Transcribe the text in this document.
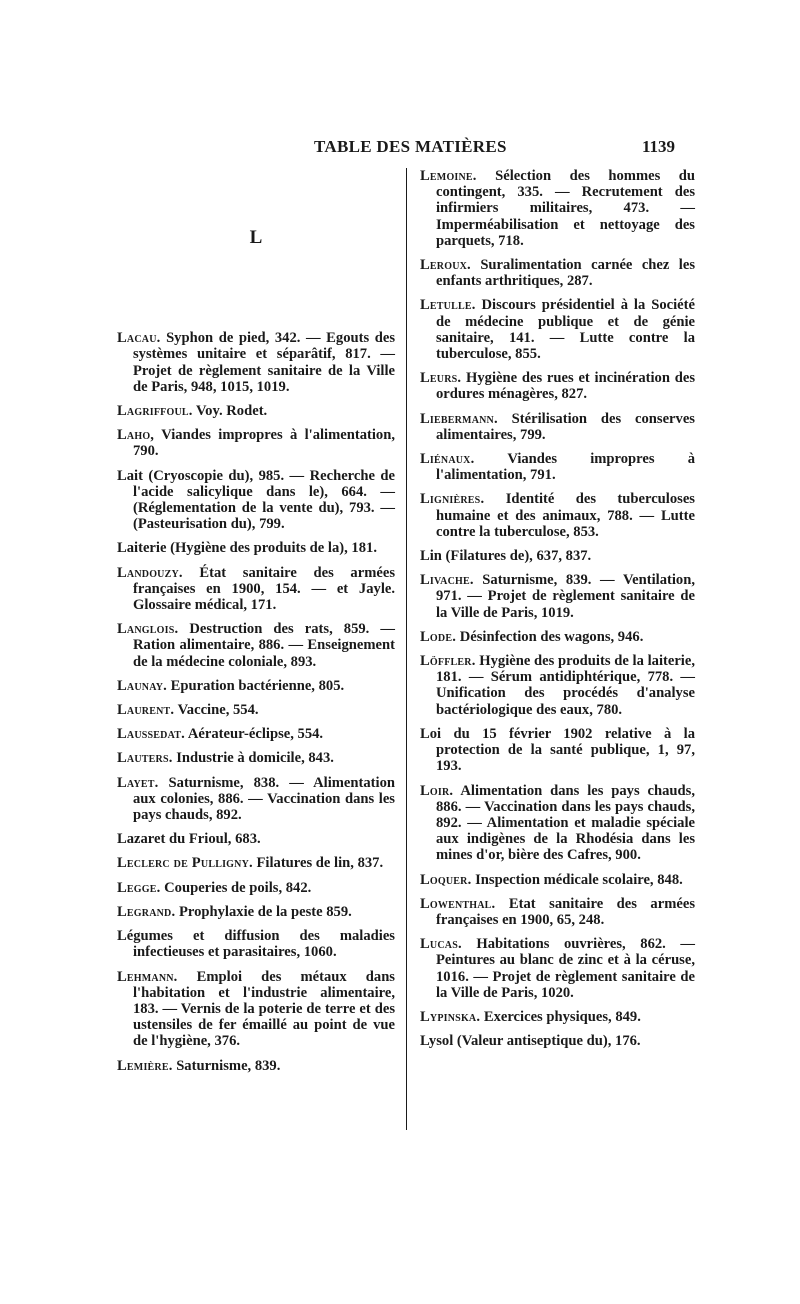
TABLE DES MATIÈRES	1139
L

Lacau. Syphon de pied, 342. — Egouts des systèmes unitaire et séparâtif, 817. — Projet de règlement sanitaire de la Ville de Paris, 948, 1015, 1019.

Lagriffoul. Voy. Rodet.

Laho, Viandes impropres à l'alimentation, 790.

Lait (Cryoscopie du), 985. — Recherche de l'acide salicylique dans le), 664. — (Réglementation de la vente du), 793. — (Pasteurisation du), 799.

Laiterie (Hygiène des produits de la), 181.

Landouzy. État sanitaire des armées françaises en 1900, 154. — et Jayle. Glossaire médical, 171.

Langlois. Destruction des rats, 859. — Ration alimentaire, 886. — Enseignement de la médecine coloniale, 893.

Launay. Epuration bactérienne, 805.

Laurent. Vaccine, 554.

Laussedat. Aérateur-éclipse, 554.

Lauters. Industrie à domicile, 843.

Layet. Saturnisme, 838. — Alimentation aux colonies, 886. — Vaccination dans les pays chauds, 892.

Lazaret du Frioul, 683.

Leclerc de Pulligny. Filatures de lin, 837.

Legge. Couperies de poils, 842.

Legrand. Prophylaxie de la peste 859.

Légumes et diffusion des maladies infectieuses et parasitaires, 1060.

Lehmann. Emploi des métaux dans l'habitation et l'industrie alimentaire, 183. — Vernis de la poterie de terre et des ustensiles de fer émaillé au point de vue de l'hygiène, 376.

Lemière. Saturnisme, 839.

Lemoine. Sélection des hommes du contingent, 335. — Recrutement des infirmiers militaires, 473. — Imperméabilisation et nettoyage des parquets, 718.

Leroux. Suralimentation carnée chez les enfants arthritiques, 287.

Letulle. Discours présidentiel à la Société de médecine publique et de génie sanitaire, 141. — Lutte contre la tuberculose, 855.

Leurs. Hygiène des rues et incinération des ordures ménagères, 827.

Liebermann. Stérilisation des conserves alimentaires, 799.

Liénaux. Viandes impropres à l'alimentation, 791.

Lignières. Identité des tuberculoses humaine et des animaux, 788. — Lutte contre la tuberculose, 853.

Lin (Filatures de), 637, 837.

Livache. Saturnisme, 839. — Ventilation, 971. — Projet de règlement sanitaire de la Ville de Paris, 1019.

Lode. Désinfection des wagons, 946.

Löffler. Hygiène des produits de la laiterie, 181. — Sérum antidiphtérique, 778. — Unification des procédés d'analyse bactériologique des eaux, 780.

Loi du 15 février 1902 relative à la protection de la santé publique, 1, 97, 193.

Loir. Alimentation dans les pays chauds, 886. — Vaccination dans les pays chauds, 892. — Alimentation et maladie spéciale aux indigènes de la Rhodésia dans les mines d'or, bière des Cafres, 900.

Loquer. Inspection médicale scolaire, 848.

Lowenthal. Etat sanitaire des armées françaises en 1900, 65, 248.

Lucas. Habitations ouvrières, 862. — Peintures au blanc de zinc et à la céruse, 1016. — Projet de règlement sanitaire de la Ville de Paris, 1020.

Lypinska. Exercices physiques, 849.

Lysol (Valeur antiseptique du), 176.
